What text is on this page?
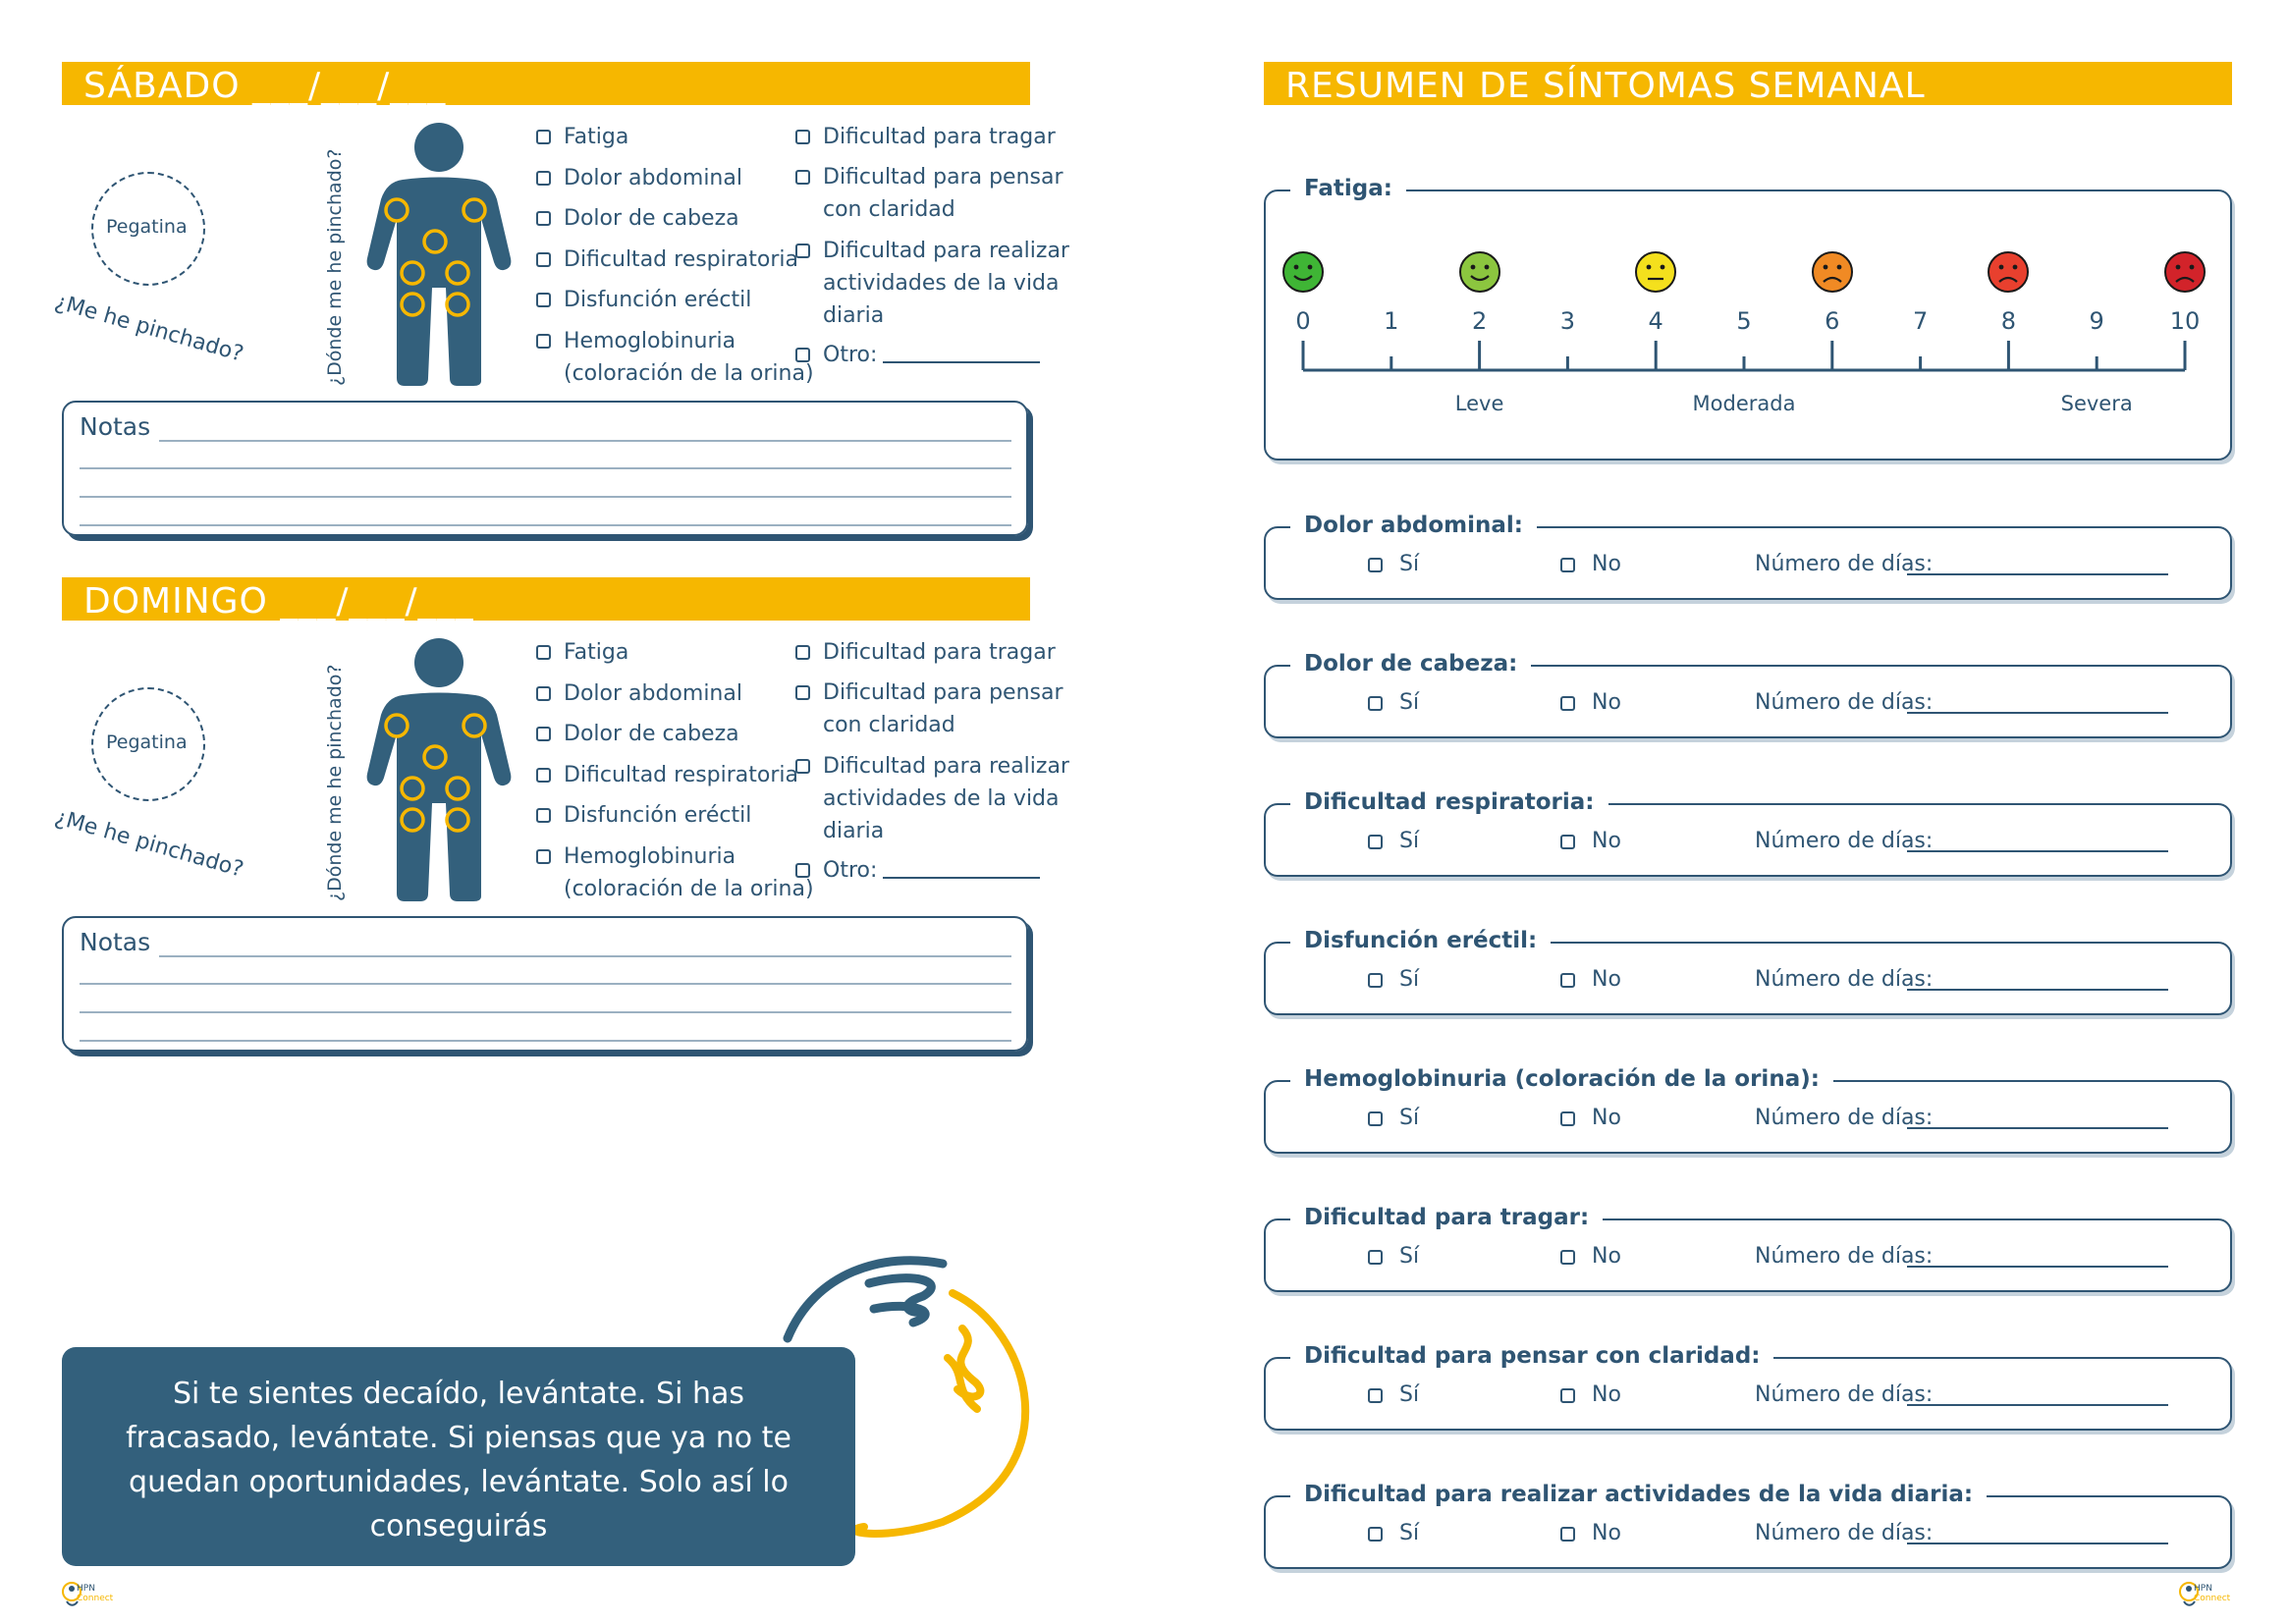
SÁBADO ___/___/___
Pegatina
¿Me he pinchado?	¿Dónde me he pinchado?
Fatiga
Dolor abdominal
Dolor de cabeza
Dificultad respiratoria
Disfunción eréctil
Hemoglobinuria
(coloración de la orina)
Dificultad para tragar
Dificultad para pensar
Dificultad para realizar
con claridad
actividades de la vida
diaria
Otro:
Notas
DOMINGO ___/___/___
Pegatina
¿Me he pinchado?	¿Dónde me he pinchado?
Fatiga
Dolor abdominal
Dolor de cabeza
Dificultad respiratoria
Disfunción eréctil
Hemoglobinuria
(coloración de la orina)
Dificultad para tragar
Dificultad para pensar
Dificultad para realizar
con claridad
actividades de la vida
diaria
Otro:
Notas
Si te sientes decaído, levántate. Si has fracasado, levántate. Si piensas que ya no te quedan oportunidades, levántate. Solo así lo conseguirás
HPN
Connect
HPN
Connect
RESUMEN DE SÍNTOMAS SEMANAL
Fatiga:
0	1	2	3	4	5	6	7	8	9	10
Leve	Moderada	Severa
Dolor abdominal:
Sí	No	Número de días:
Dolor de cabeza:
Sí	No	Número de días:
Dificultad respiratoria:
Sí	No	Número de días:
Disfunción eréctil:
Sí	No	Número de días:
Hemoglobinuria (coloración de la orina):
Sí	No	Número de días:
Dificultad para tragar:
Sí	No	Número de días:
Dificultad para pensar con claridad:
Sí	No	Número de días:
Dificultad para realizar actividades de la vida diaria:
Sí	No	Número de días:
